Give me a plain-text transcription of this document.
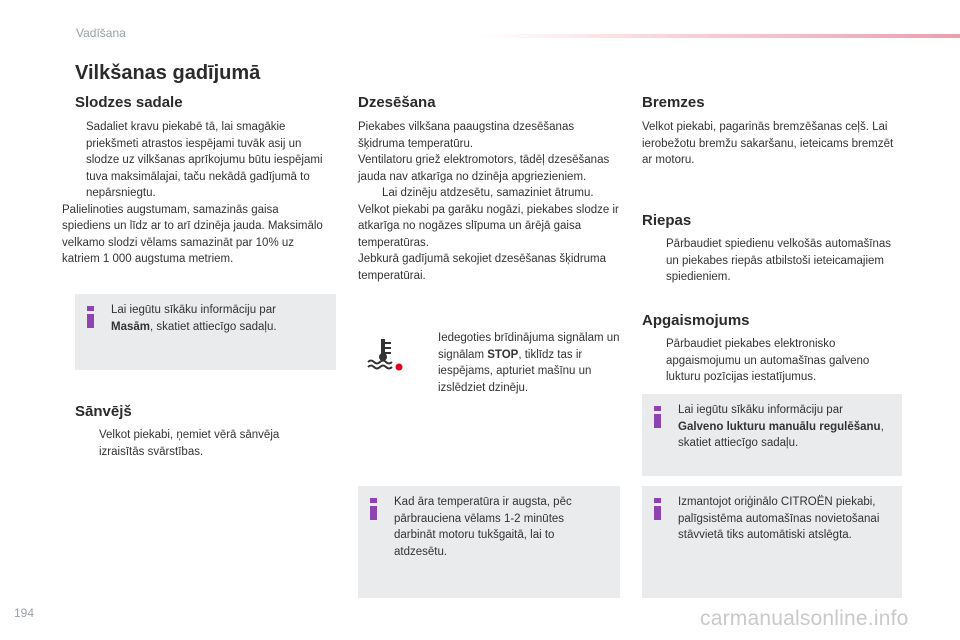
Vadīšana
Vilkšanas gadījumā
Slodzes sadale
Sadaliet kravu piekabē tā, lai smagākie priekšmeti atrastos iespējami tuvāk asij un slodze uz vilkšanas aprīkojumu būtu iespējami tuva maksimālajai, taču nekādā gadījumā to nepārsniegtu.
Palielinoties augstumam, samazinās gaisa spiediens un līdz ar to arī dzinēja jauda. Maksimālo velkamo slodzi vēlams samazināt par 10% uz katriem 1 000 augstuma metriem.
Lai iegūtu sīkāku informāciju par Masām, skatiet attiecīgo sadaļu.
Sānvējš
Velkot piekabi, ņemiet vērā sānvēja izraisītās svārstības.
Dzesēšana
Piekabes vilkšana paaugstina dzesēšanas šķidruma temperatūru.
Ventilatoru griež elektromotors, tādēļ dzesēšanas jauda nav atkarīga no dzinēja apgriezieniem.
Lai dzinēju atdzesētu, samaziniet ātrumu.
Velkot piekabi pa garāku nogāzi, piekabes slodze ir atkarīga no nogāzes slīpuma un ārējā gaisa temperatūras.
Jebkurā gadījumā sekojiet dzesēšanas šķidruma temperatūrai.
Iedegoties brīdinājuma signālam un signālam STOP, tiklīdz tas ir iespējams, apturiet mašīnu un izslēdziet dzinēju.
Kad āra temperatūra ir augsta, pēc pārbrauciena vēlams 1-2 minūtes darbināt motoru tukšgaitā, lai to atdzesētu.
Bremzes
Velkot piekabi, pagarinās bremzēšanas ceļš. Lai ierobežotu bremžu sakaršanu, ieteicams bremzēt ar motoru.
Riepas
Pārbaudiet spiedienu velkošās automašīnas un piekabes riepās atbilstoši ieteicamajiem spiedieniem.
Apgaismojums
Pārbaudiet piekabes elektronisko apgaismojumu un automašīnas galveno lukturu pozīcijas iestatījumus.
Lai iegūtu sīkāku informāciju par Galveno lukturu manuālu regulēšanu, skatiet attiecīgo sadaļu.
Izmantojot oriģinālo CITROËN piekabi, palīgsistēma automašīnas novietošanai stāvvietā tiks automātiski atslēgta.
194	carmanualsonline.info
